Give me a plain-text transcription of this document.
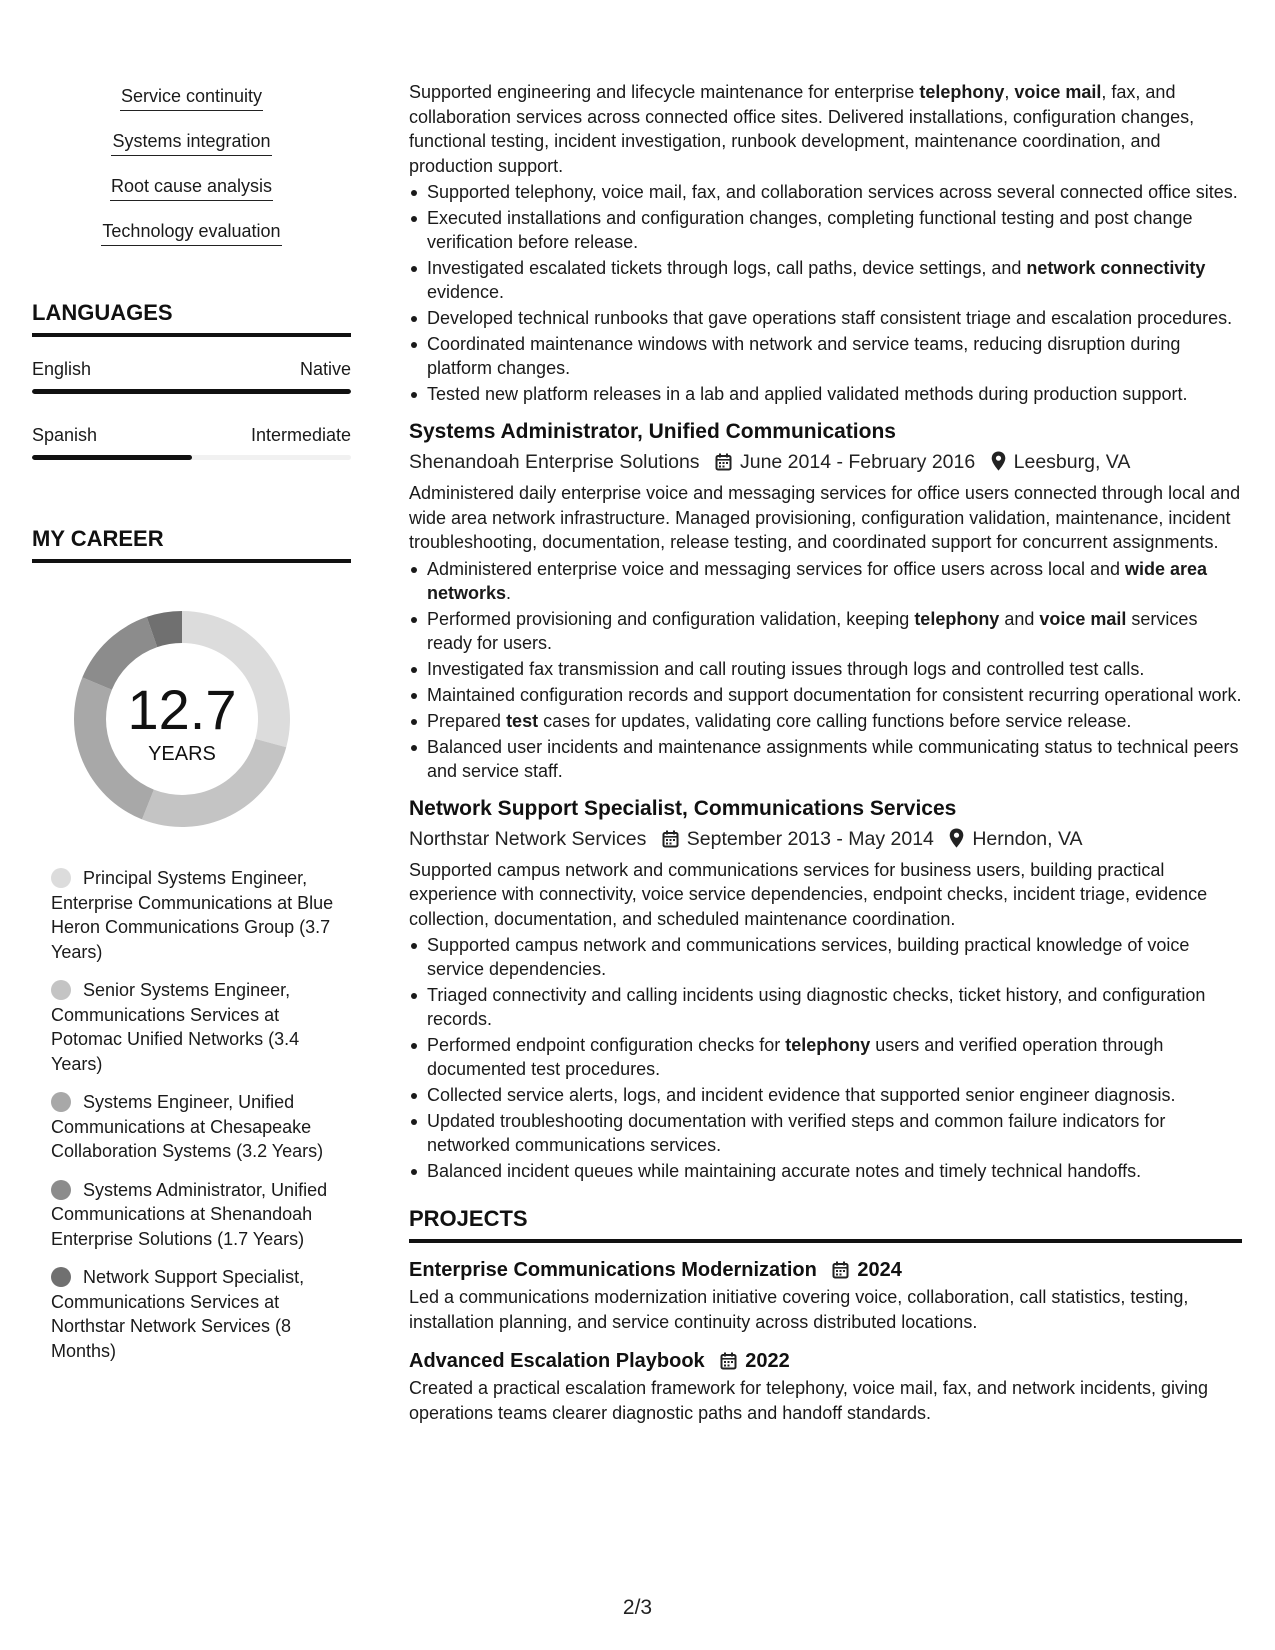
Service continuity
Systems integration
Root cause analysis
Technology evaluation
LANGUAGES
English	Native
Spanish	Intermediate
MY CAREER
12.7
YEARS
Principal Systems Engineer, Enterprise Communications at Blue Heron Communications Group (3.7 Years)
Senior Systems Engineer, Communications Services at Potomac Unified Networks (3.4 Years)
Systems Engineer, Unified Communications at Chesapeake Collaboration Systems (3.2 Years)
Systems Administrator, Unified Communications at Shenandoah Enterprise Solutions (1.7 Years)
Network Support Specialist, Communications Services at Northstar Network Services (8 Months)

Supported engineering and lifecycle maintenance for enterprise telephony, voice mail, fax, and collaboration services across connected office sites. Delivered installations, configuration changes, functional testing, incident investigation, runbook development, maintenance coordination, and production support.

Supported telephony, voice mail, fax, and collaboration services across several connected office sites.
Executed installations and configuration changes, completing functional testing and post change verification before release.
Investigated escalated tickets through logs, call paths, device settings, and network connectivity evidence.
Developed technical runbooks that gave operations staff consistent triage and escalation procedures.
Coordinated maintenance windows with network and service teams, reducing disruption during platform changes.
Tested new platform releases in a lab and applied validated methods during production support.
Systems Administrator, Unified Communications
Shenandoah Enterprise Solutions June 2014 - February 2016 Leesburg, VA

Administered daily enterprise voice and messaging services for office users connected through local and wide area network infrastructure. Managed provisioning, configuration validation, maintenance, incident troubleshooting, documentation, release testing, and coordinated support for concurrent assignments.

Administered enterprise voice and messaging services for office users across local and wide area networks.
Performed provisioning and configuration validation, keeping telephony and voice mail services ready for users.
Investigated fax transmission and call routing issues through logs and controlled test calls.
Maintained configuration records and support documentation for consistent recurring operational work.
Prepared test cases for updates, validating core calling functions before service release.
Balanced user incidents and maintenance assignments while communicating status to technical peers and service staff.
Network Support Specialist, Communications Services
Northstar Network Services September 2013 - May 2014 Herndon, VA

Supported campus network and communications services for business users, building practical experience with connectivity, voice service dependencies, endpoint checks, incident triage, evidence collection, documentation, and scheduled maintenance coordination.

Supported campus network and communications services, building practical knowledge of voice service dependencies.
Triaged connectivity and calling incidents using diagnostic checks, ticket history, and configuration records.
Performed endpoint configuration checks for telephony users and verified operation through documented test procedures.
Collected service alerts, logs, and incident evidence that supported senior engineer diagnosis.
Updated troubleshooting documentation with verified steps and common failure indicators for networked communications services.
Balanced incident queues while maintaining accurate notes and timely technical handoffs.
PROJECTS
Enterprise Communications Modernization 2024

Led a communications modernization initiative covering voice, collaboration, call statistics, testing, installation planning, and service continuity across distributed locations.

Advanced Escalation Playbook 2022

Created a practical escalation framework for telephony, voice mail, fax, and network incidents, giving operations teams clearer diagnostic paths and handoff standards.

2/3
